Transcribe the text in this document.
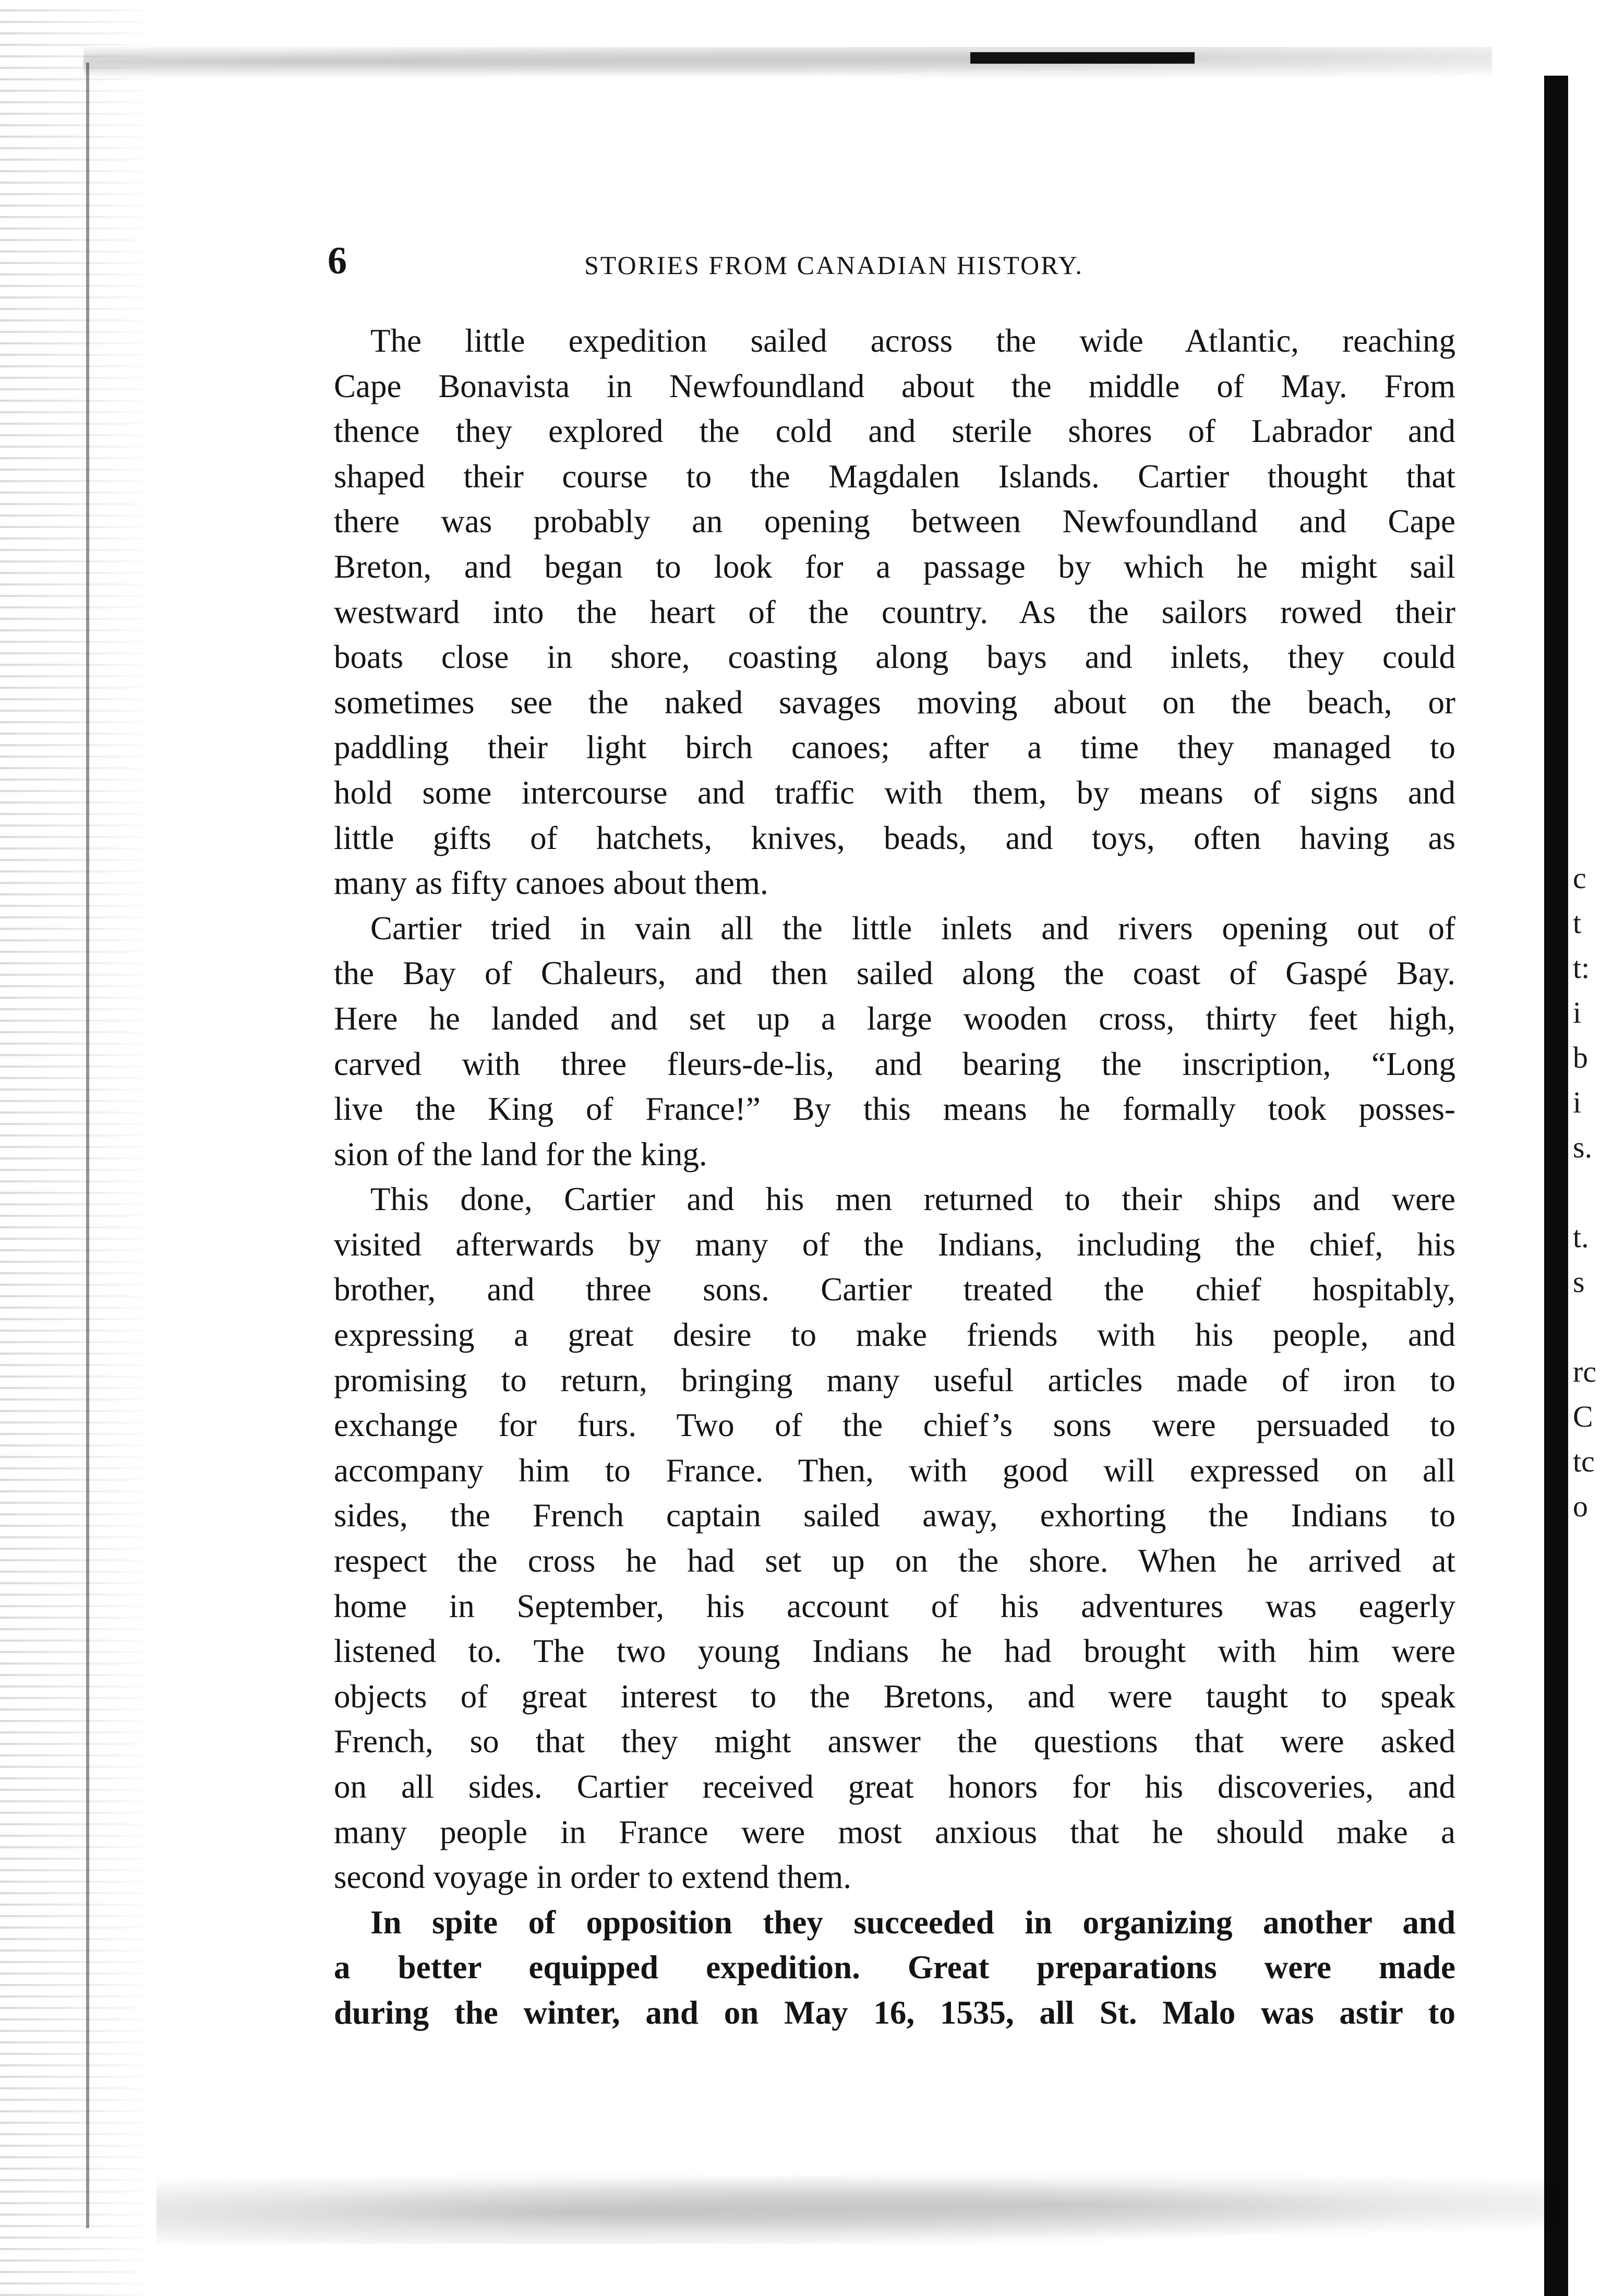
c
t
t:
i
b
i
s.
t.
s
rc
C
tc
o
6	STORIES FROM CANADIAN HISTORY.
The little expedition sailed across the wide Atlantic, reaching
Cape Bonavista in Newfoundland about the middle of May. From
thence they explored the cold and sterile shores of Labrador and
shaped their course to the Magdalen Islands. Cartier thought that
there was probably an opening between Newfoundland and Cape
Breton, and began to look for a passage by which he might sail
westward into the heart of the country. As the sailors rowed their
boats close in shore, coasting along bays and inlets, they could
sometimes see the naked savages moving about on the beach, or
paddling their light birch canoes; after a time they managed to
hold some intercourse and traffic with them, by means of signs and
little gifts of hatchets, knives, beads, and toys, often having as
many as fifty canoes about them.
Cartier tried in vain all the little inlets and rivers opening out of
the Bay of Chaleurs, and then sailed along the coast of Gaspé Bay.
Here he landed and set up a large wooden cross, thirty feet high,
carved with three fleurs-de-lis, and bearing the inscription, “Long
live the King of France!” By this means he formally took posses-
sion of the land for the king.
This done, Cartier and his men returned to their ships and were
visited afterwards by many of the Indians, including the chief, his
brother, and three sons. Cartier treated the chief hospitably,
expressing a great desire to make friends with his people, and
promising to return, bringing many useful articles made of iron to
exchange for furs. Two of the chief’s sons were persuaded to
accompany him to France. Then, with good will expressed on all
sides, the French captain sailed away, exhorting the Indians to
respect the cross he had set up on the shore. When he arrived at
home in September, his account of his adventures was eagerly
listened to. The two young Indians he had brought with him were
objects of great interest to the Bretons, and were taught to speak
French, so that they might answer the questions that were asked
on all sides. Cartier received great honors for his discoveries, and
many people in France were most anxious that he should make a
second voyage in order to extend them.
In spite of opposition they succeeded in organizing another and
a better equipped expedition. Great preparations were made
during the winter, and on May 16, 1535, all St. Malo was astir to
